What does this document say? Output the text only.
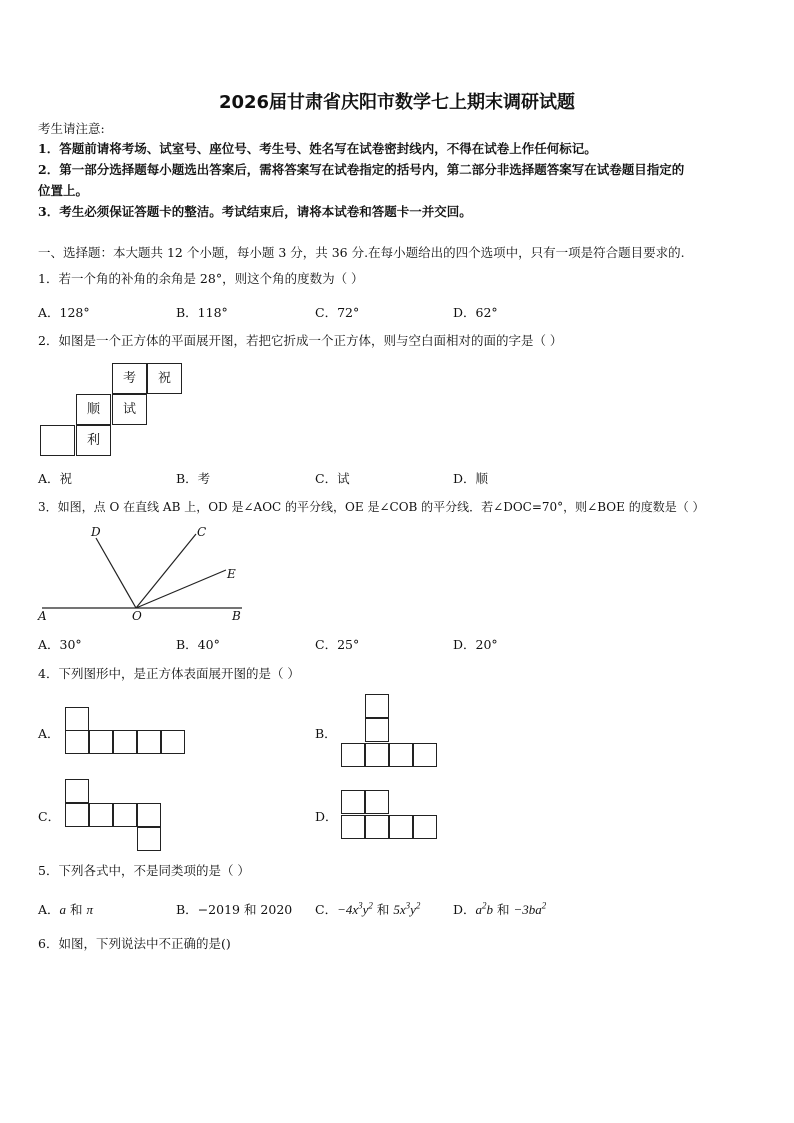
2026届甘肃省庆阳市数学七上期末调研试题
考生请注意:
1．答题前请将考场、试室号、座位号、考生号、姓名写在试卷密封线内，不得在试卷上作任何标记。
2．第一部分选择题每小题选出答案后，需将答案写在试卷指定的括号内，第二部分非选择题答案写在试卷题目指定的
位置上。
3．考生必须保证答题卡的整洁。考试结束后，请将本试卷和答题卡一并交回。
一、选择题：本大题共 12 个小题，每小题 3 分，共 36 分.在每小题给出的四个选项中，只有一项是符合题目要求的.
1．若一个角的补角的余角是 28°，则这个角的度数为（ ）
A．128°	B．118°	C．72°	D．62°
2．如图是一个正方体的平面展开图，若把它折成一个正方体，则与空白面相对的面的字是（ ）
考	祝
顺	试
利
A．祝	B．考	C．试	D．顺
3．如图，点 O 在直线 AB 上，OD 是∠AOC 的平分线，OE 是∠COB 的平分线．若∠DOC=70°，则∠BOE 的度数是（ ）
D	C
E
A	O	B
A．30°	B．40°	C．25°	D．20°
4．下列图形中，是正方体表面展开图的是（ ）
A．	B．
C．	D．
5．下列各式中，不是同类项的是（ ）
A．a 和 π	B．−2019 和 2020 C．$-4x^3y^2$ 和 $5x^3y^2$	D．$a^2b$ 和 $-3ba^2$
6．如图，下列说法中不正确的是()
